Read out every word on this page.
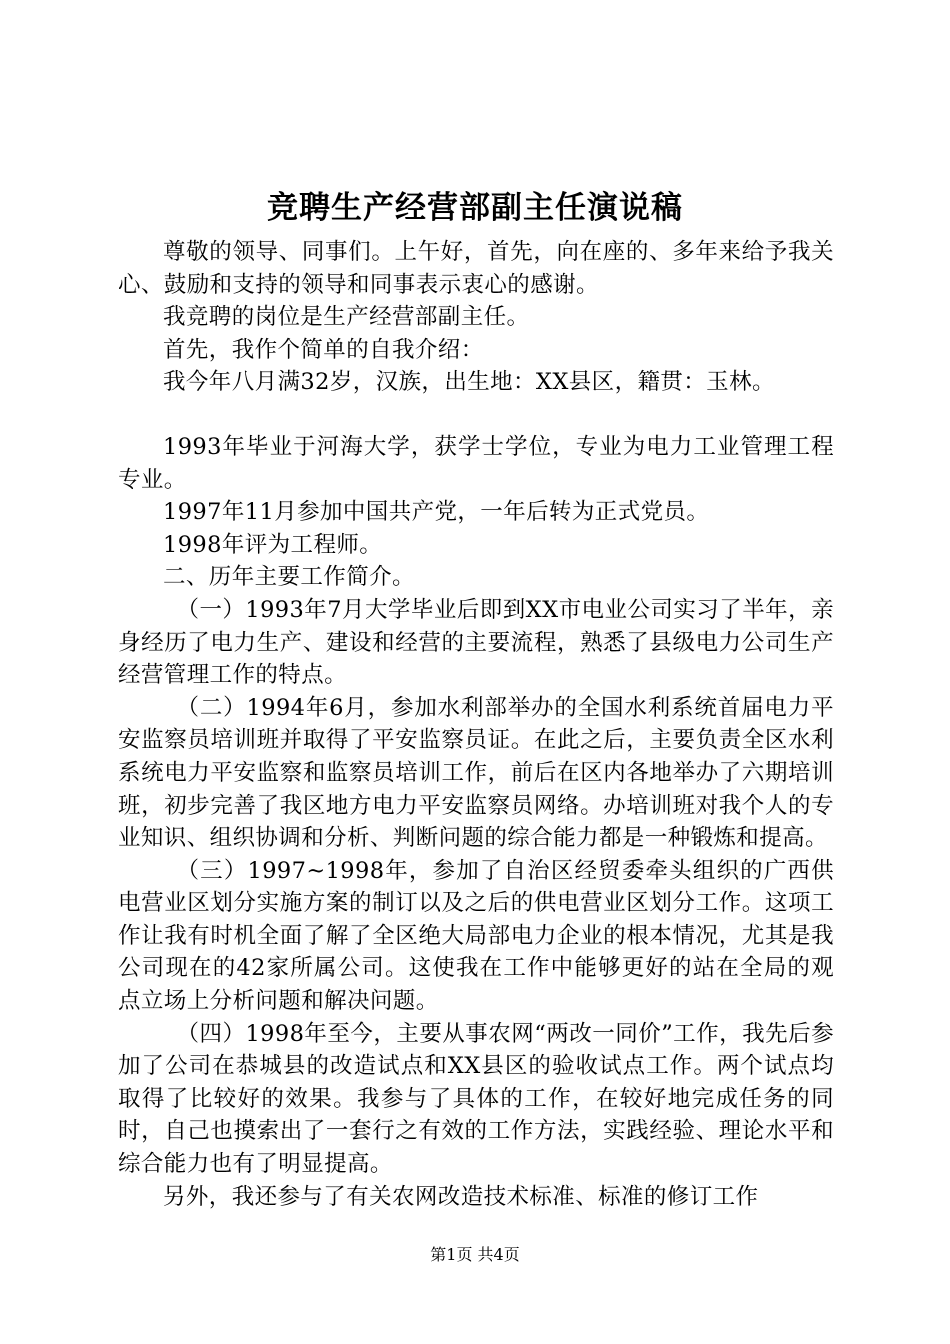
竞聘生产经营部副主任演说稿

尊敬的领导、同事们。上午好，首先，向在座的、多年来给予我关心、鼓励和支持的领导和同事表示衷心的感谢。

我竞聘的岗位是生产经营部副主任。

首先，我作个简单的自我介绍：

我今年八月满32岁，汉族，出生地：XX县区，籍贯：玉林。

1993年毕业于河海大学，获学士学位，专业为电力工业管理工程专业。

1997年11月参加中国共产党，一年后转为正式党员。

1998年评为工程师。

二、历年主要工作简介。

（一）1993年7月大学毕业后即到XX市电业公司实习了半年，亲身经历了电力生产、建设和经营的主要流程，熟悉了县级电力公司生产经营管理工作的特点。

（二）1994年6月，参加水利部举办的全国水利系统首届电力平安监察员培训班并取得了平安监察员证。在此之后，主要负责全区水利系统电力平安监察和监察员培训工作，前后在区内各地举办了六期培训班，初步完善了我区地方电力平安监察员网络。办培训班对我个人的专业知识、组织协调和分析、判断问题的综合能力都是一种锻炼和提高。

（三）1997~1998年，参加了自治区经贸委牵头组织的广西供电营业区划分实施方案的制订以及之后的供电营业区划分工作。这项工作让我有时机全面了解了全区绝大局部电力企业的根本情况，尤其是我公司现在的42家所属公司。这使我在工作中能够更好的站在全局的观点立场上分析问题和解决问题。

（四）1998年至今，主要从事农网“两改一同价”工作，我先后参加了公司在恭城县的改造试点和XX县区的验收试点工作。两个试点均取得了比较好的效果。我参与了具体的工作，在较好地完成任务的同时，自己也摸索出了一套行之有效的工作方法，实践经验、理论水平和综合能力也有了明显提高。

另外，我还参与了有关农网改造技术标准、标准的修订工作

第1页 共4页
